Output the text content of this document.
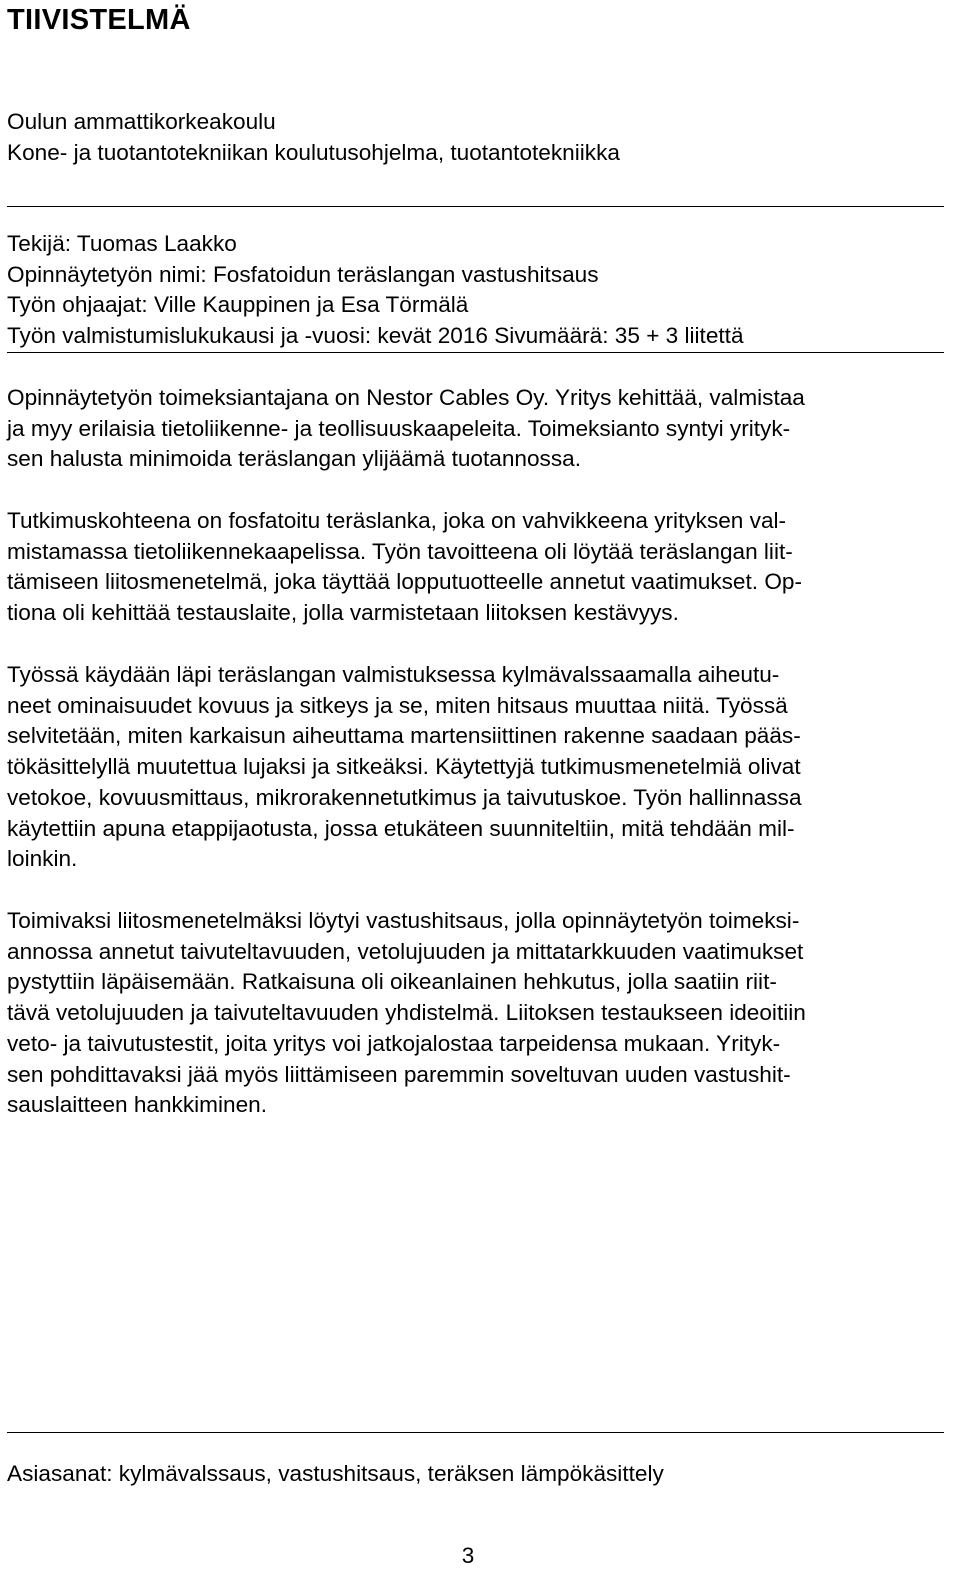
TIIVISTELMÄ
Oulun ammattikorkeakoulu
Kone- ja tuotantotekniikan koulutusohjelma, tuotantotekniikka
Tekijä: Tuomas Laakko
Opinnäytetyön nimi: Fosfatoidun teräslangan vastushitsaus
Työn ohjaajat: Ville Kauppinen ja Esa Törmälä
Työn valmistumislukukausi ja -vuosi: kevät 2016 Sivumäärä: 35 + 3 liitettä
Opinnäytetyön toimeksiantajana on Nestor Cables Oy. Yritys kehittää, valmistaa
ja myy erilaisia tietoliikenne- ja teollisuuskaapeleita. Toimeksianto syntyi yrityk-
sen halusta minimoida teräslangan ylijäämä tuotannossa.
Tutkimuskohteena on fosfatoitu teräslanka, joka on vahvikkeena yrityksen val-
mistamassa tietoliikennekaapelissa. Työn tavoitteena oli löytää teräslangan liit-
tämiseen liitosmenetelmä, joka täyttää lopputuotteelle annetut vaatimukset. Op-
tiona oli kehittää testauslaite, jolla varmistetaan liitoksen kestävyys.
Työssä käydään läpi teräslangan valmistuksessa kylmävalssaamalla aiheutu-
neet ominaisuudet kovuus ja sitkeys ja se, miten hitsaus muuttaa niitä. Työssä
selvitetään, miten karkaisun aiheuttama martensiittinen rakenne saadaan pääs-
tökäsittelyllä muutettua lujaksi ja sitkeäksi. Käytettyjä tutkimusmenetelmiä olivat
vetokoe, kovuusmittaus, mikrorakennetutkimus ja taivutuskoe. Työn hallinnassa
käytettiin apuna etappijaotusta, jossa etukäteen suunniteltiin, mitä tehdään mil-
loinkin.
Toimivaksi liitosmenetelmäksi löytyi vastushitsaus, jolla opinnäytetyön toimeksi-
annossa annetut taivuteltavuuden, vetolujuuden ja mittatarkkuuden vaatimukset
pystyttiin läpäisemään. Ratkaisuna oli oikeanlainen hehkutus, jolla saatiin riit-
tävä vetolujuuden ja taivuteltavuuden yhdistelmä. Liitoksen testaukseen ideoitiin
veto- ja taivutustestit, joita yritys voi jatkojalostaa tarpeidensa mukaan. Yrityk-
sen pohdittavaksi jää myös liittämiseen paremmin soveltuvan uuden vastushit-
sauslaitteen hankkiminen.
Asiasanat: kylmävalssaus, vastushitsaus, teräksen lämpökäsittely
3
